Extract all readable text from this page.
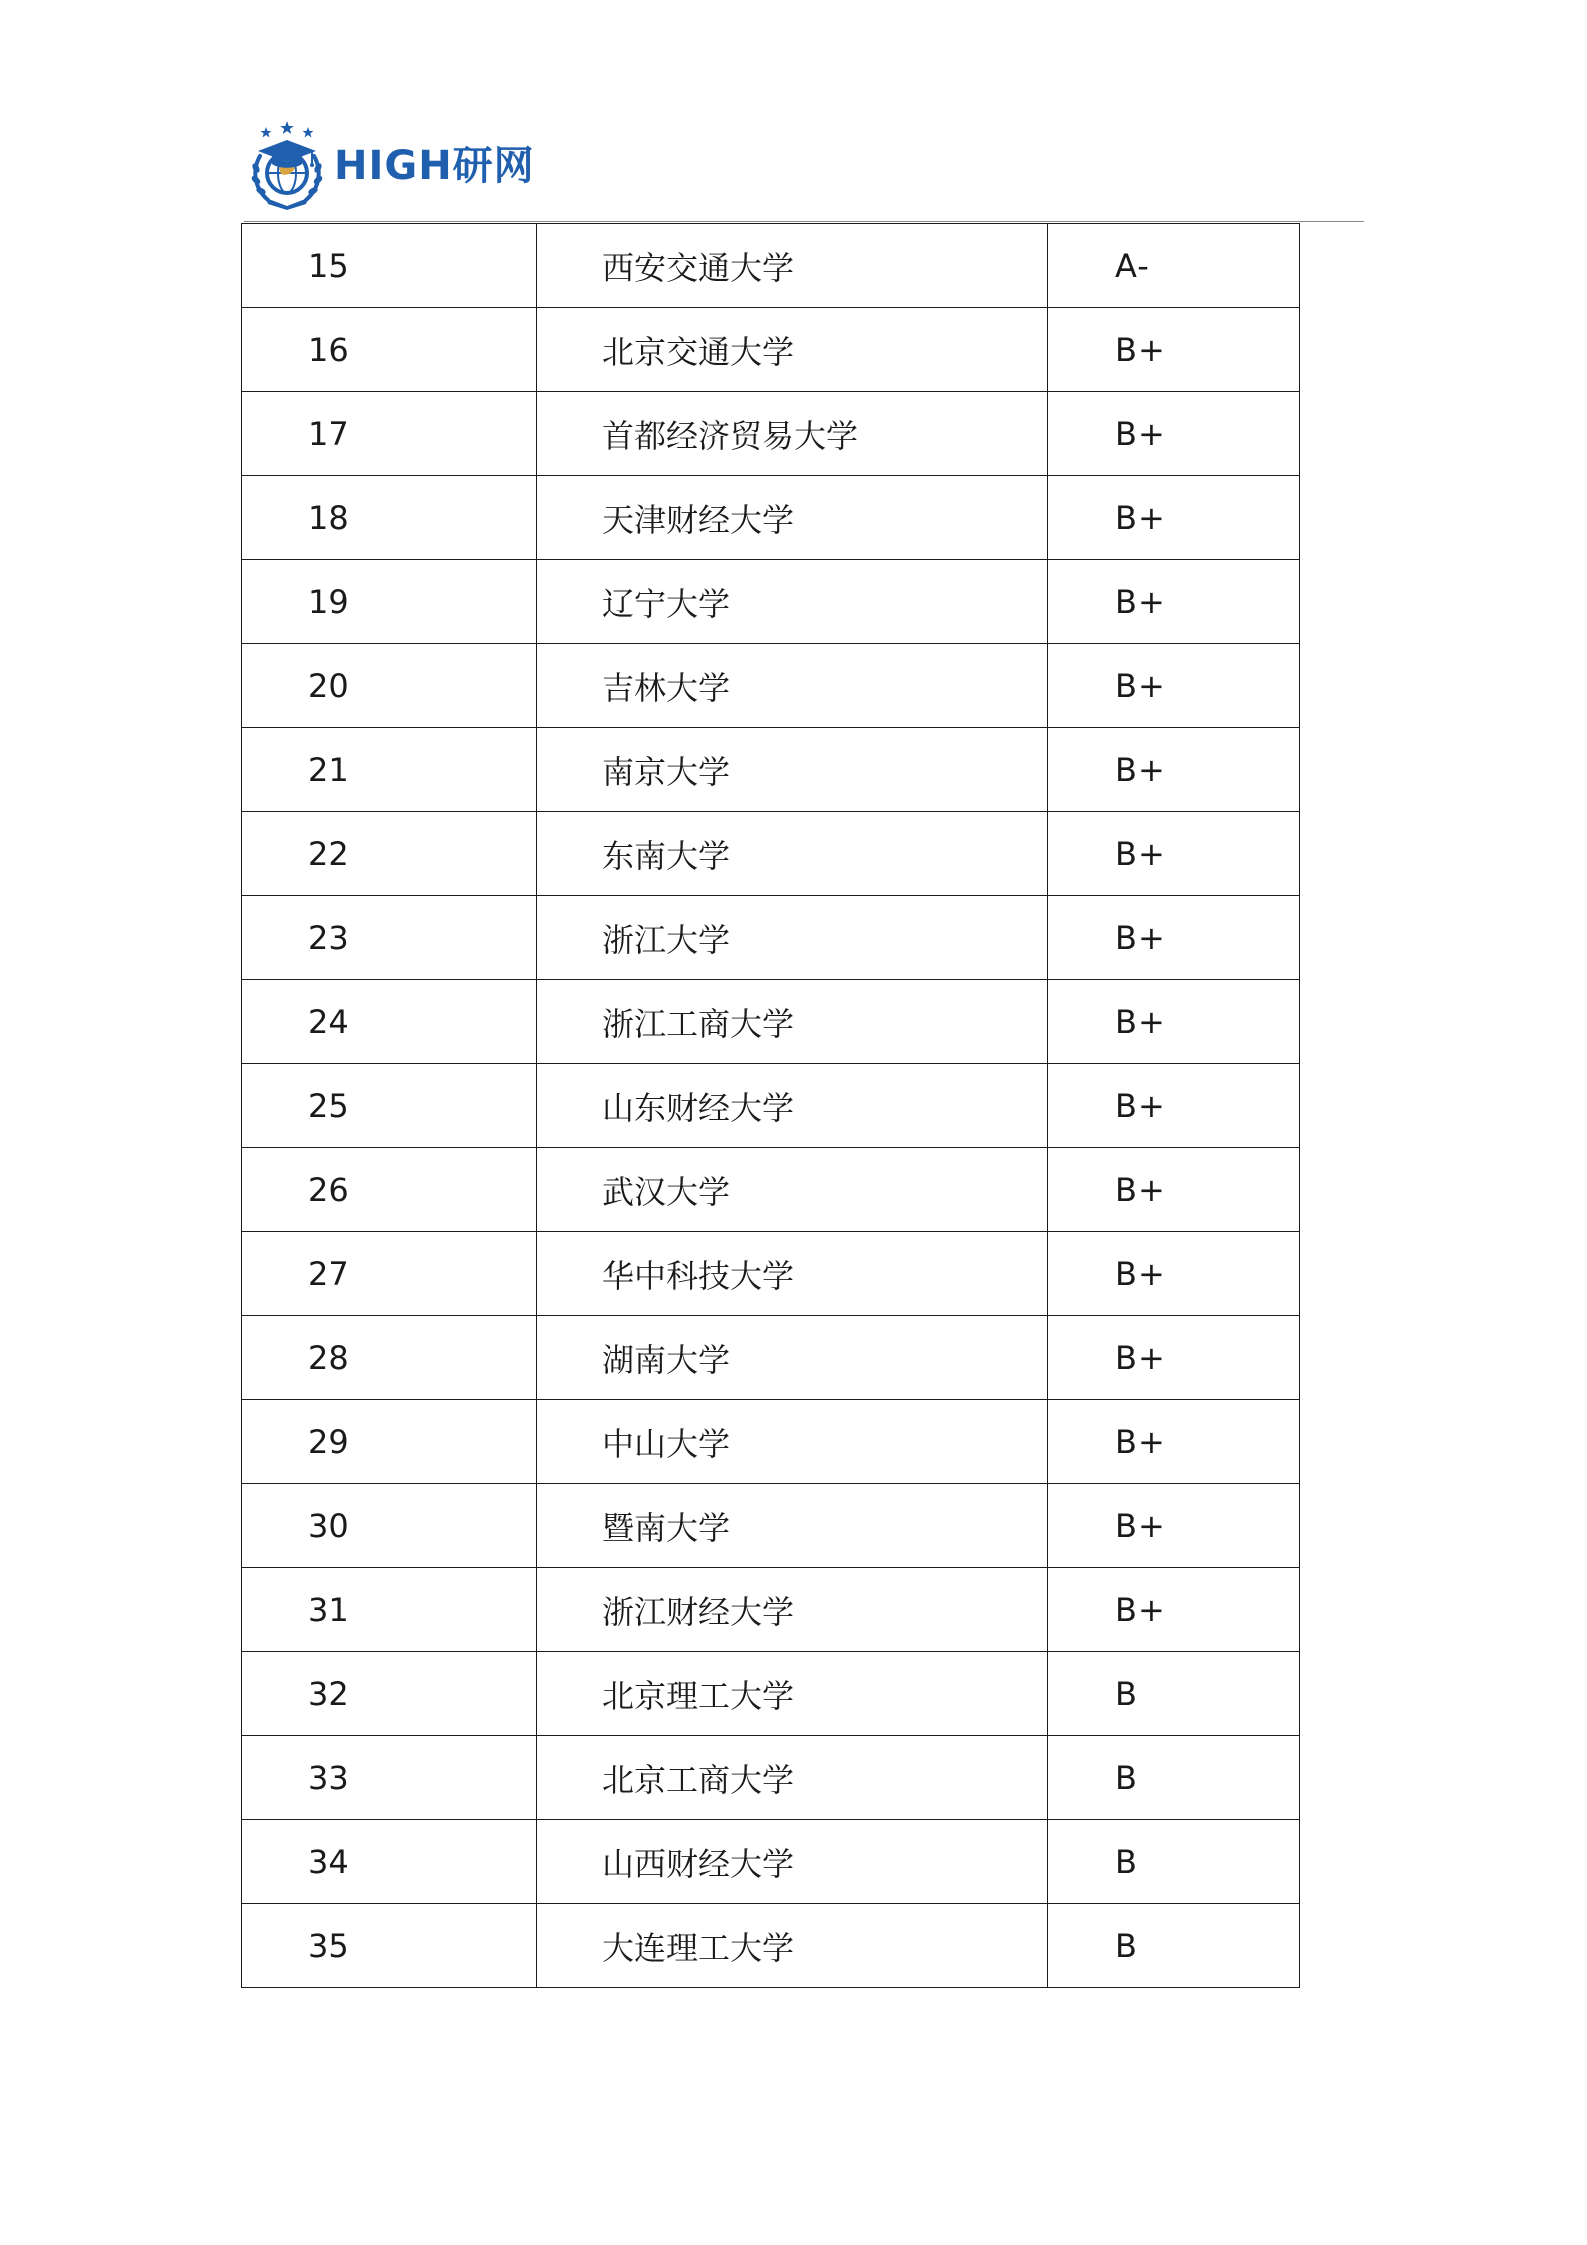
HIGH研网
15	西安交通大学	A-
16	北京交通大学	B+
17	首都经济贸易大学	B+
18	天津财经大学	B+
19	辽宁大学	B+
20	吉林大学	B+
21	南京大学	B+
22	东南大学	B+
23	浙江大学	B+
24	浙江工商大学	B+
25	山东财经大学	B+
26	武汉大学	B+
27	华中科技大学	B+
28	湖南大学	B+
29	中山大学	B+
30	暨南大学	B+
31	浙江财经大学	B+
32	北京理工大学	B
33	北京工商大学	B
34	山西财经大学	B
35	大连理工大学	B
